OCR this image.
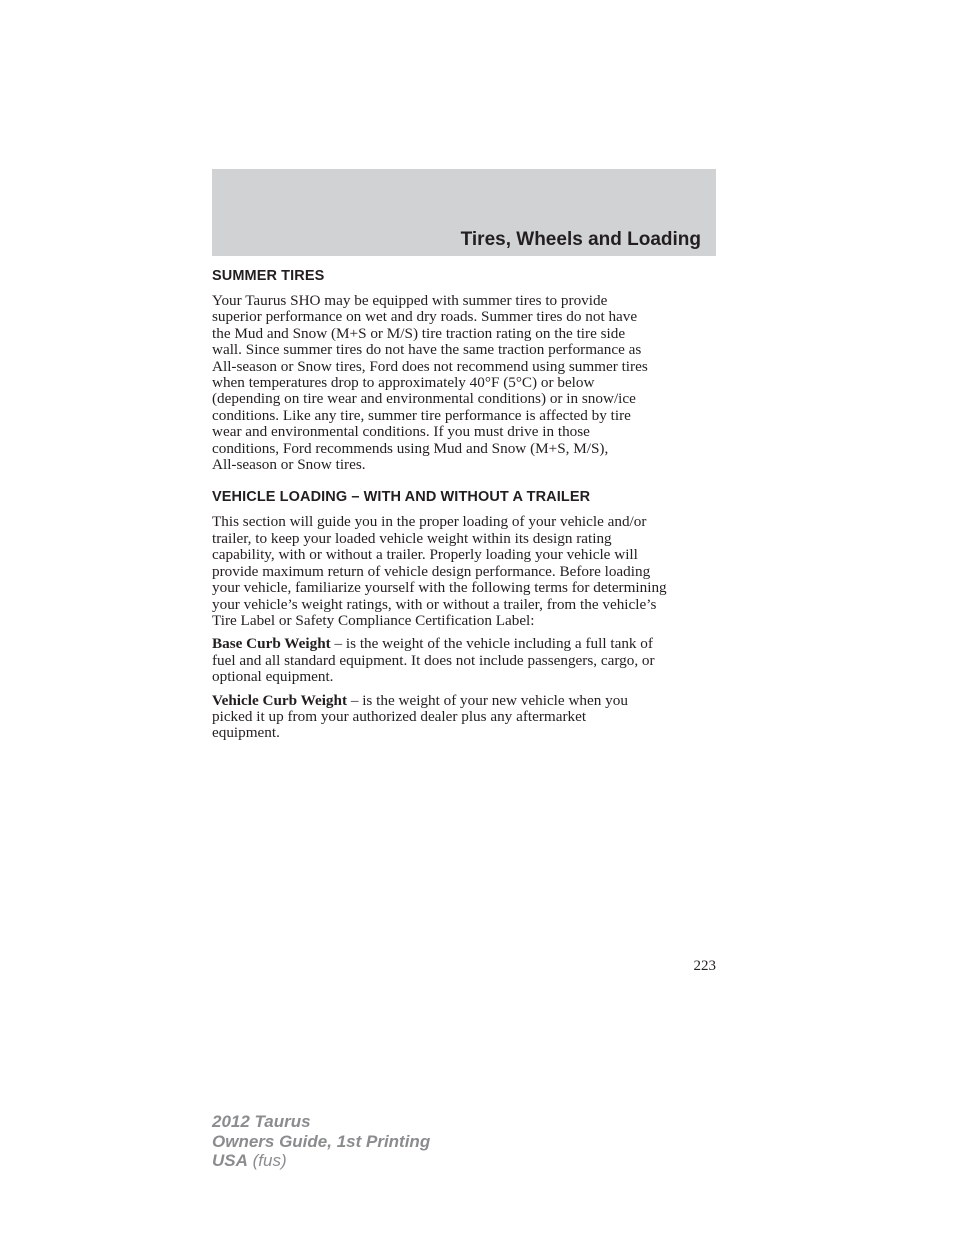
Tires, Wheels and Loading
SUMMER TIRES

Your Taurus SHO may be equipped with summer tires to provide
superior performance on wet and dry roads. Summer tires do not have
the Mud and Snow (M+S or M/S) tire traction rating on the tire side
wall. Since summer tires do not have the same traction performance as
All-season or Snow tires, Ford does not recommend using summer tires
when temperatures drop to approximately 40°F (5°C) or below
(depending on tire wear and environmental conditions) or in snow/ice
conditions. Like any tire, summer tire performance is affected by tire
wear and environmental conditions. If you must drive in those
conditions, Ford recommends using Mud and Snow (M+S, M/S),
All-season or Snow tires.

VEHICLE LOADING – WITH AND WITHOUT A TRAILER

This section will guide you in the proper loading of your vehicle and/or
trailer, to keep your loaded vehicle weight within its design rating
capability, with or without a trailer. Properly loading your vehicle will
provide maximum return of vehicle design performance. Before loading
your vehicle, familiarize yourself with the following terms for determining
your vehicle’s weight ratings, with or without a trailer, from the vehicle’s
Tire Label or Safety Compliance Certification Label:

Base Curb Weight – is the weight of the vehicle including a full tank of
fuel and all standard equipment. It does not include passengers, cargo, or
optional equipment.

Vehicle Curb Weight – is the weight of your new vehicle when you
picked it up from your authorized dealer plus any aftermarket
equipment.

223
2012 Taurus
Owners Guide, 1st Printing
USA (fus)
